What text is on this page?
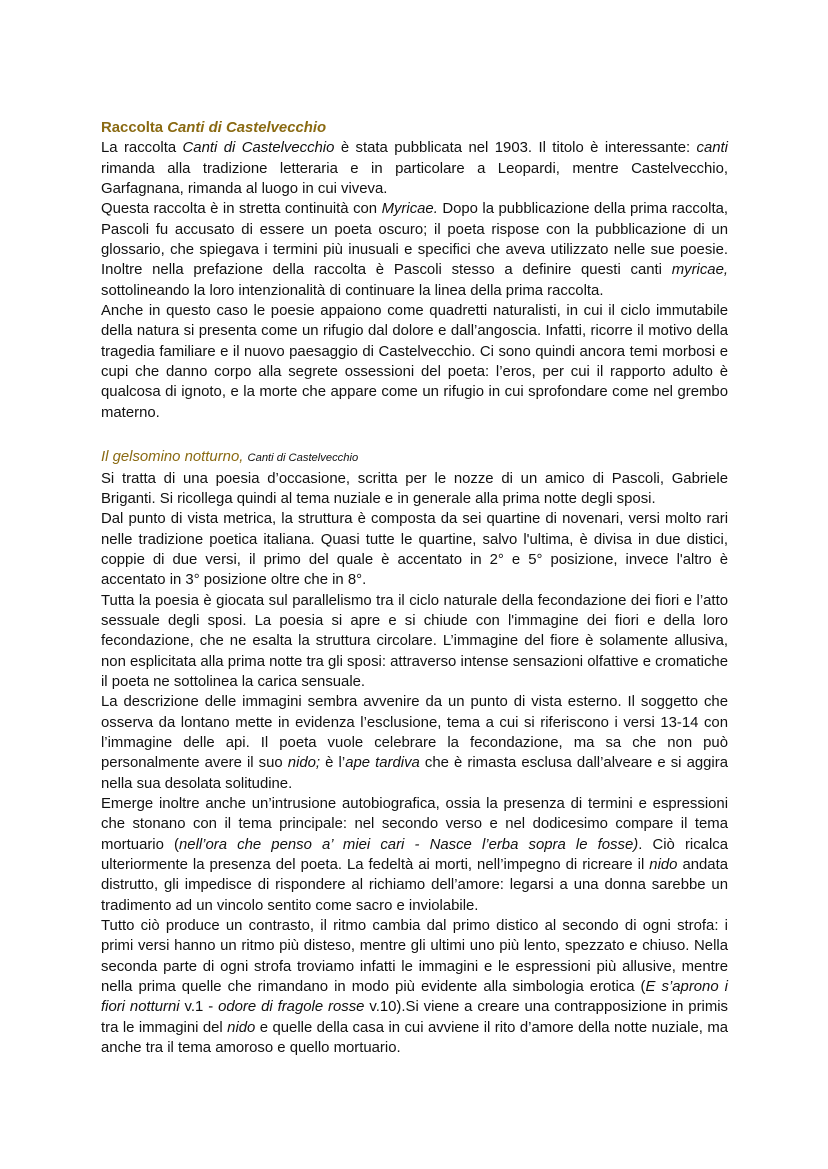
Raccolta Canti di Castelvecchio

La raccolta Canti di Castelvecchio è stata pubblicata nel 1903. Il titolo è interessante: canti rimanda alla tradizione letteraria e in particolare a Leopardi, mentre Castelvecchio, Garfagnana, rimanda al luogo in cui viveva.

Questa raccolta è in stretta continuità con Myricae. Dopo la pubblicazione della prima raccolta, Pascoli fu accusato di essere un poeta oscuro; il poeta rispose con la pubblicazione di un glossario, che spiegava i termini più inusuali e specifici che aveva utilizzato nelle sue poesie. Inoltre nella prefazione della raccolta è Pascoli stesso a definire questi canti myricae, sottolineando la loro intenzionalità di continuare la linea della prima raccolta.

Anche in questo caso le poesie appaiono come quadretti naturalisti, in cui il ciclo immutabile della natura si presenta come un rifugio dal dolore e dall’angoscia. Infatti, ricorre il motivo della tragedia familiare e il nuovo paesaggio di Castelvecchio. Ci sono quindi ancora temi morbosi e cupi che danno corpo alla segrete ossessioni del poeta: l’eros, per cui il rapporto adulto è qualcosa di ignoto, e la morte che appare come un rifugio in cui sprofondare come nel grembo materno.

Il gelsomino notturno, Canti di Castelvecchio

Si tratta di una poesia d’occasione, scritta per le nozze di un amico di Pascoli, Gabriele Briganti. Si ricollega quindi al tema nuziale e in generale alla prima notte degli sposi.

Dal punto di vista metrica, la struttura è composta da sei quartine di novenari, versi molto rari nelle tradizione poetica italiana. Quasi tutte le quartine, salvo l'ultima, è divisa in due distici, coppie di due versi, il primo del quale è accentato in 2° e 5° posizione, invece l'altro è accentato in 3° posizione oltre che in 8°.

Tutta la poesia è giocata sul parallelismo tra il ciclo naturale della fecondazione dei fiori e l’atto sessuale degli sposi. La poesia si apre e si chiude con l'immagine dei fiori e della loro fecondazione, che ne esalta la struttura circolare. L’immagine del fiore è solamente allusiva, non esplicitata alla prima notte tra gli sposi: attraverso intense sensazioni olfattive e cromatiche il poeta ne sottolinea la carica sensuale.

La descrizione delle immagini sembra avvenire da un punto di vista esterno. Il soggetto che osserva da lontano mette in evidenza l’esclusione, tema a cui si riferiscono i versi 13-14 con l’immagine delle api. Il poeta vuole celebrare la fecondazione, ma sa che non può personalmente avere il suo nido; è l’ape tardiva che è rimasta esclusa dall’alveare e si aggira nella sua desolata solitudine.

Emerge inoltre anche un’intrusione autobiografica, ossia la presenza di termini e espressioni che stonano con il tema principale: nel secondo verso e nel dodicesimo compare il tema mortuario (nell’ora che penso a’ miei cari - Nasce l’erba sopra le fosse). Ciò ricalca ulteriormente la presenza del poeta. La fedeltà ai morti, nell’impegno di ricreare il nido andata distrutto, gli impedisce di rispondere al richiamo dell’amore: legarsi a una donna sarebbe un tradimento ad un vincolo sentito come sacro e inviolabile.

Tutto ciò produce un contrasto, il ritmo cambia dal primo distico al secondo di ogni strofa: i primi versi hanno un ritmo più disteso, mentre gli ultimi uno più lento, spezzato e chiuso. Nella seconda parte di ogni strofa troviamo infatti le immagini e le espressioni più allusive, mentre nella prima quelle che rimandano in modo più evidente alla simbologia erotica (E s’aprono i fiori notturni v.1 - odore di fragole rosse v.10).Si viene a creare una contrapposizione in primis tra le immagini del nido e quelle della casa in cui avviene il rito d’amore della notte nuziale, ma anche tra il tema amoroso e quello mortuario.
